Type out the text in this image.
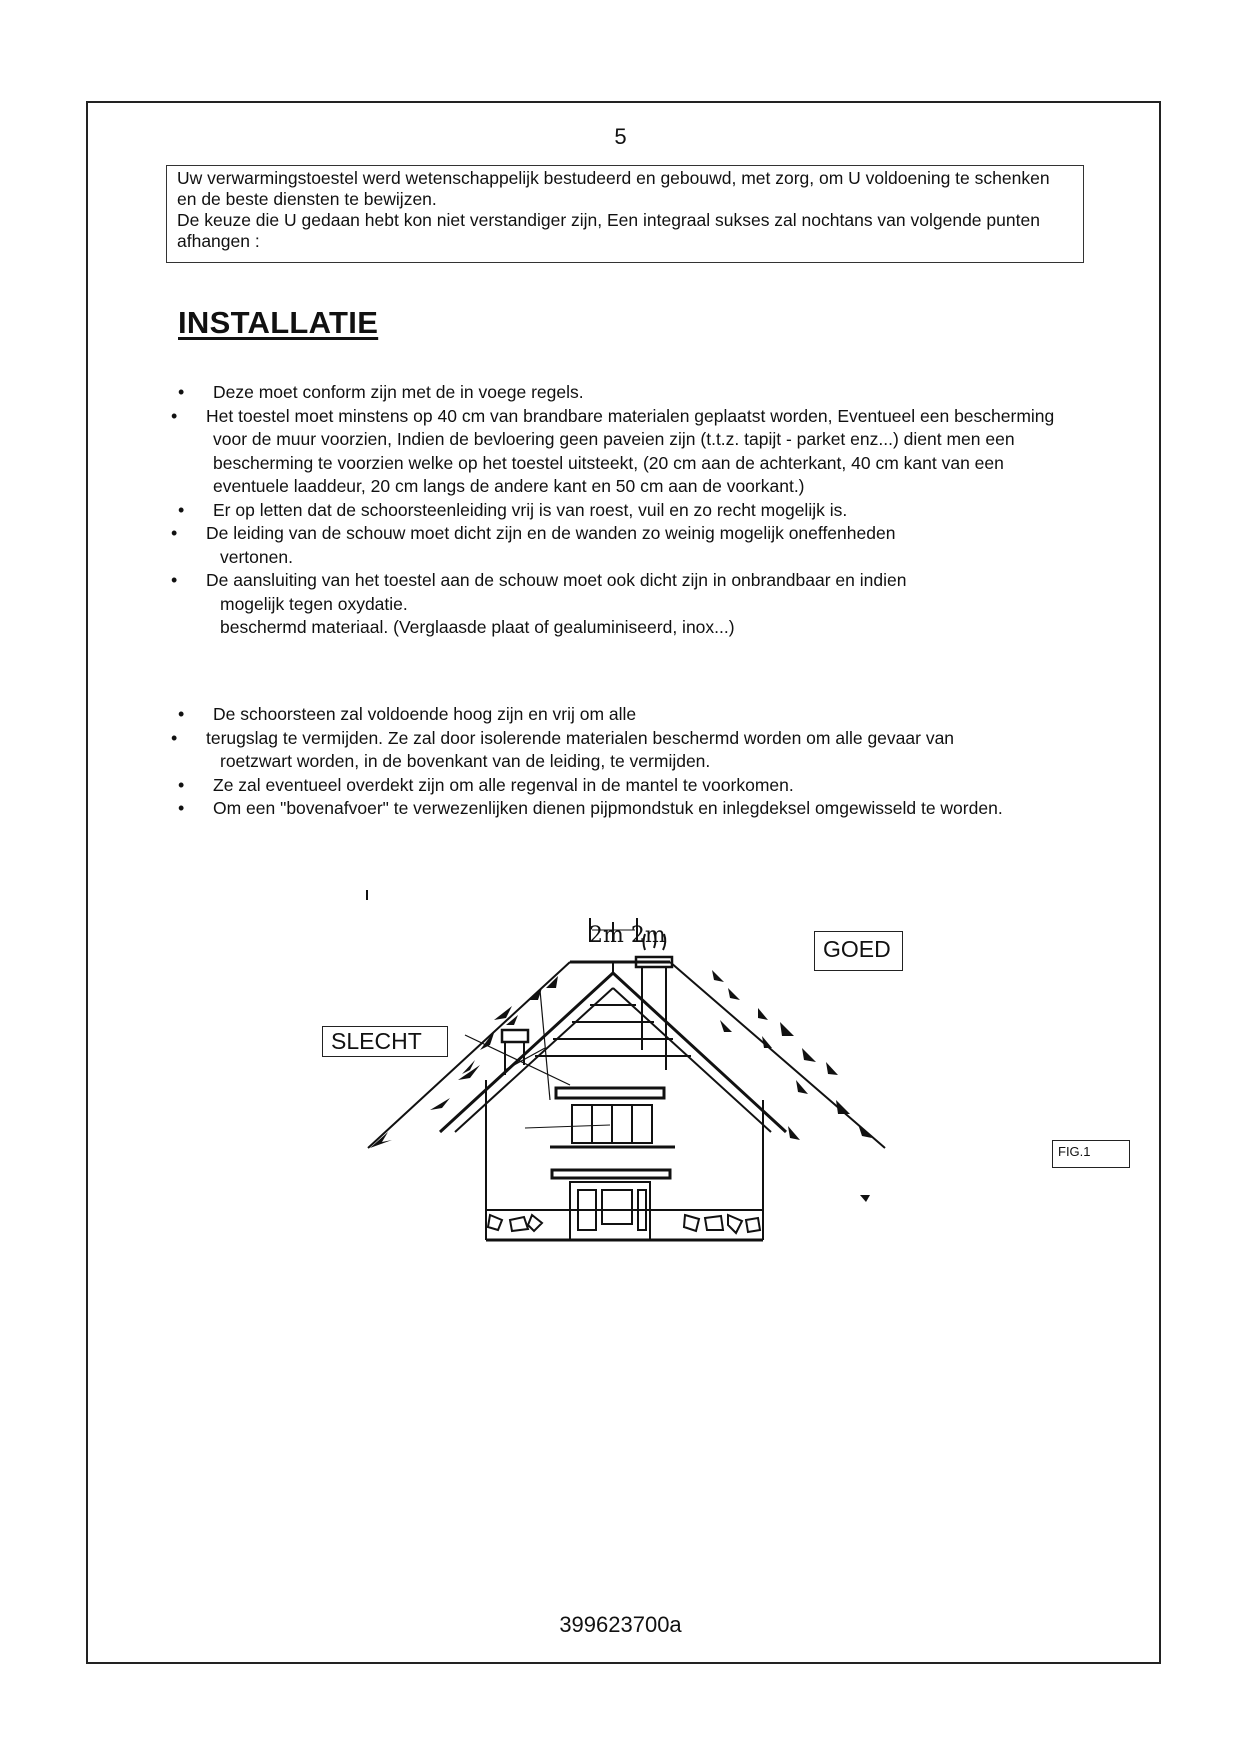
5

Uw verwarmingstoestel werd wetenschappelijk bestudeerd en gebouwd, met zorg, om U voldoening te schenken en de beste diensten te bewijzen.

De keuze die U gedaan hebt kon niet verstandiger zijn, Een integraal sukses zal nochtans van volgende punten afhangen :

INSTALLATIE
• Deze moet conform zijn met de in voege regels.
• Het toestel moet minstens op 40 cm van brandbare materialen geplaatst worden, Eventueel een bescherming voor de muur voorzien, Indien de bevloering geen paveien zijn (t.t.z. tapijt - parket enz...) dient men een bescherming te voorzien welke op het toestel uitsteekt, (20 cm aan de achterkant, 40 cm kant van een eventuele laaddeur, 20 cm langs de andere kant en 50 cm aan de voorkant.)
• Er op letten dat de schoorsteenleiding vrij is van roest, vuil en zo recht mogelijk is.
• De leiding van de schouw moet dicht zijn en de wanden zo weinig mogelijk oneffenheden
vertonen.
• De aansluiting van het toestel aan de schouw moet ook dicht zijn in onbrandbaar en indien
mogelijk tegen oxydatie.
beschermd materiaal. (Verglaasde plaat of gealuminiseerd, inox...)
• De schoorsteen zal voldoende hoog zijn en vrij om alle
• terugslag te vermijden. Ze zal door isolerende materialen beschermd worden om alle gevaar van
roetzwart worden, in de bovenkant van de leiding, te vermijden.
• Ze zal eventueel overdekt zijn om alle regenval in de mantel te voorkomen.
• Om een "bovenafvoer" te verwezenlijken dienen pijpmondstuk en inlegdeksel omgewisseld te worden.
2m 2m
SLECHT
GOED
FIG.1
399623700a
